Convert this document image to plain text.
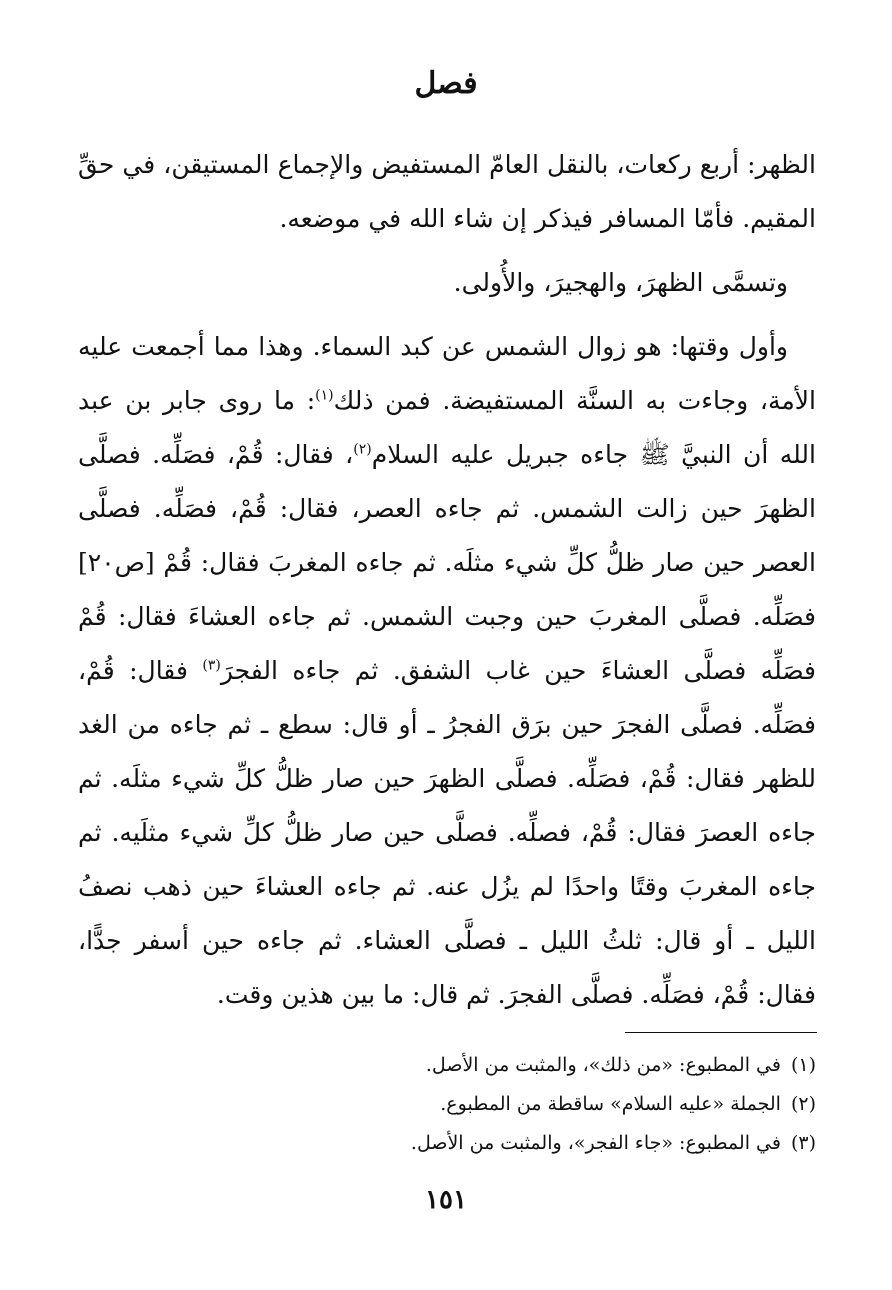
فصل

الظهر: أربع ركعات، بالنقل العامّ المستفيض والإجماع المستيقن، في حقِّ المقيم. فأمّا المسافر فيذكر إن شاء الله في موضعه.

وتسمَّى الظهرَ، والهجيرَ، والأُولى.

وأول وقتها: هو زوال الشمس عن كبد السماء. وهذا مما أجمعت عليه الأمة، وجاءت به السنَّة المستفيضة. فمن ذلك$^{(١)}$: ما روى جابر بن عبد الله أن النبيَّ ﷺ جاءه جبريل عليه السلام$^{(٢)}$، فقال: قُمْ، فصَلِّه. فصلَّى الظهرَ حين زالت الشمس. ثم جاءه العصر، فقال: قُمْ، فصَلِّه. فصلَّى العصر حين صار ظلُّ كلِّ شيء مثلَه. ثم جاءه المغربَ فقال: قُمْ [ص٢٠] فصَلِّه. فصلَّى المغربَ حين وجبت الشمس. ثم جاءه العشاءَ فقال: قُمْ فصَلِّه فصلَّى العشاءَ حين غاب الشفق. ثم جاءه الفجرَ$^{(٣)}$ فقال: قُمْ، فصَلِّه. فصلَّى الفجرَ حين برَق الفجرُ ـ أو قال: سطع ـ ثم جاءه من الغد للظهر فقال: قُمْ، فصَلِّه. فصلَّى الظهرَ حين صار ظلُّ كلِّ شيء مثلَه. ثم جاءه العصرَ فقال: قُمْ، فصلِّه. فصلَّى حين صار ظلُّ كلِّ شيء مثلَيه. ثم جاءه المغربَ وقتًا واحدًا لم يزُل عنه. ثم جاءه العشاءَ حين ذهب نصفُ الليل ـ أو قال: ثلثُ الليل ـ فصلَّى العشاء. ثم جاءه حين أسفر جدًّا، فقال: قُمْ، فصَلِّه. فصلَّى الفجرَ. ثم قال: ما بين هذين وقت.

(١)في المطبوع: «من ذلك»، والمثبت من الأصل.
(٢)الجملة «عليه السلام» ساقطة من المطبوع.
(٣)في المطبوع: «جاء الفجر»، والمثبت من الأصل.
١٥١
